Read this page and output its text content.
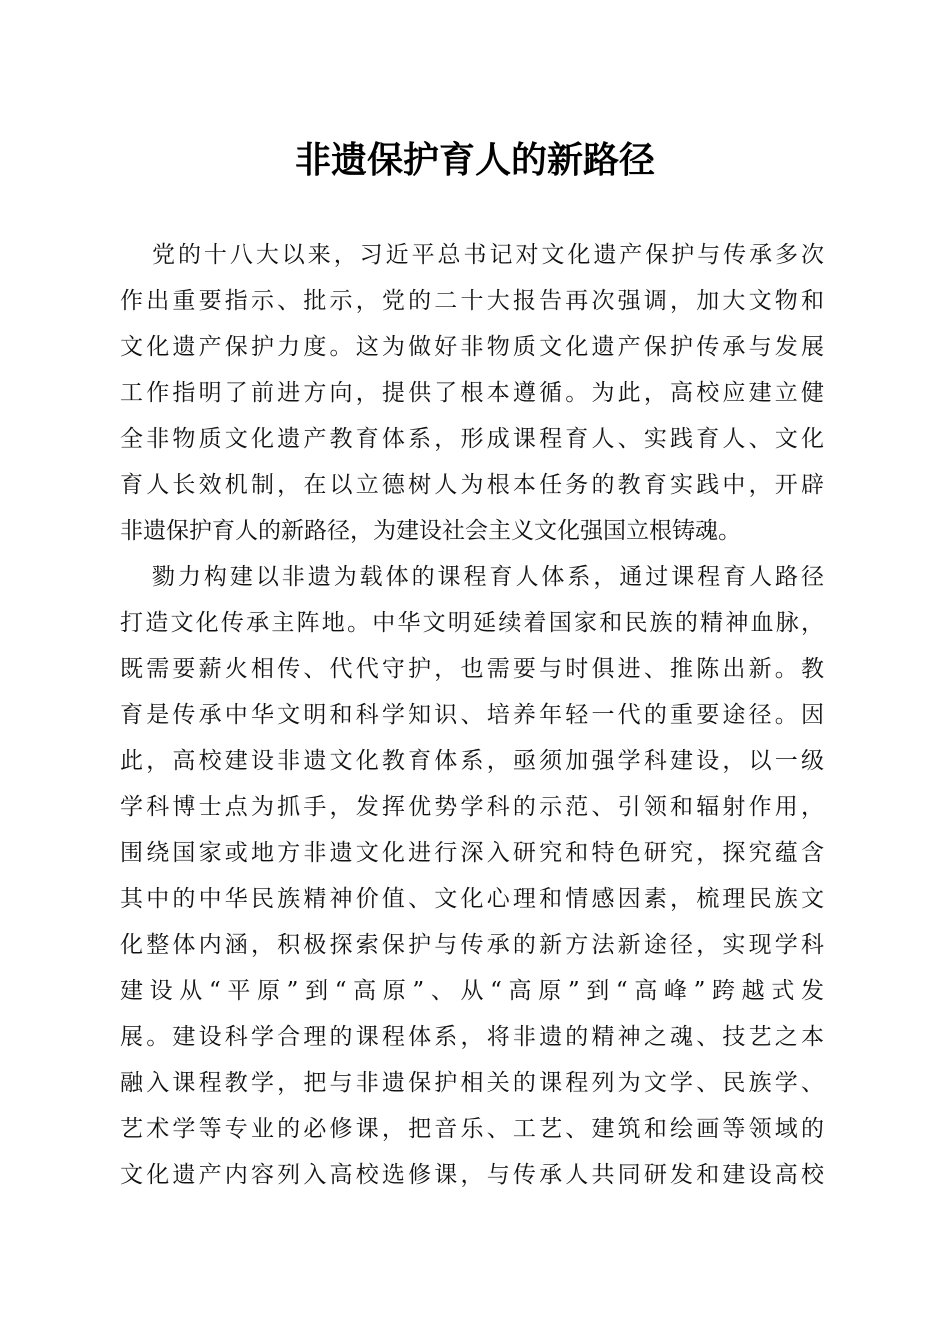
非遗保护育人的新路径
党的十八大以来，习近平总书记对文化遗产保护与传承多次
作出重要指示、批示，党的二十大报告再次强调，加大文物和
文化遗产保护力度。这为做好非物质文化遗产保护传承与发展
工作指明了前进方向，提供了根本遵循。为此，高校应建立健
全非物质文化遗产教育体系，形成课程育人、实践育人、文化
育人长效机制，在以立德树人为根本任务的教育实践中，开辟
非遗保护育人的新路径，为建设社会主义文化强国立根铸魂。
勠力构建以非遗为载体的课程育人体系，通过课程育人路径
打造文化传承主阵地。中华文明延续着国家和民族的精神血脉，
既需要薪火相传、代代守护，也需要与时俱进、推陈出新。教
育是传承中华文明和科学知识、培养年轻一代的重要途径。因
此，高校建设非遗文化教育体系，亟须加强学科建设，以一级
学科博士点为抓手，发挥优势学科的示范、引领和辐射作用，
围绕国家或地方非遗文化进行深入研究和特色研究，探究蕴含
其中的中华民族精神价值、文化心理和情感因素，梳理民族文
化整体内涵，积极探索保护与传承的新方法新途径，实现学科
建设从“平原”到“高原”、从“高原”到“高峰”跨越式发
展。建设科学合理的课程体系，将非遗的精神之魂、技艺之本
融入课程教学，把与非遗保护相关的课程列为文学、民族学、
艺术学等专业的必修课，把音乐、工艺、建筑和绘画等领域的
文化遗产内容列入高校选修课，与传承人共同研发和建设高校
